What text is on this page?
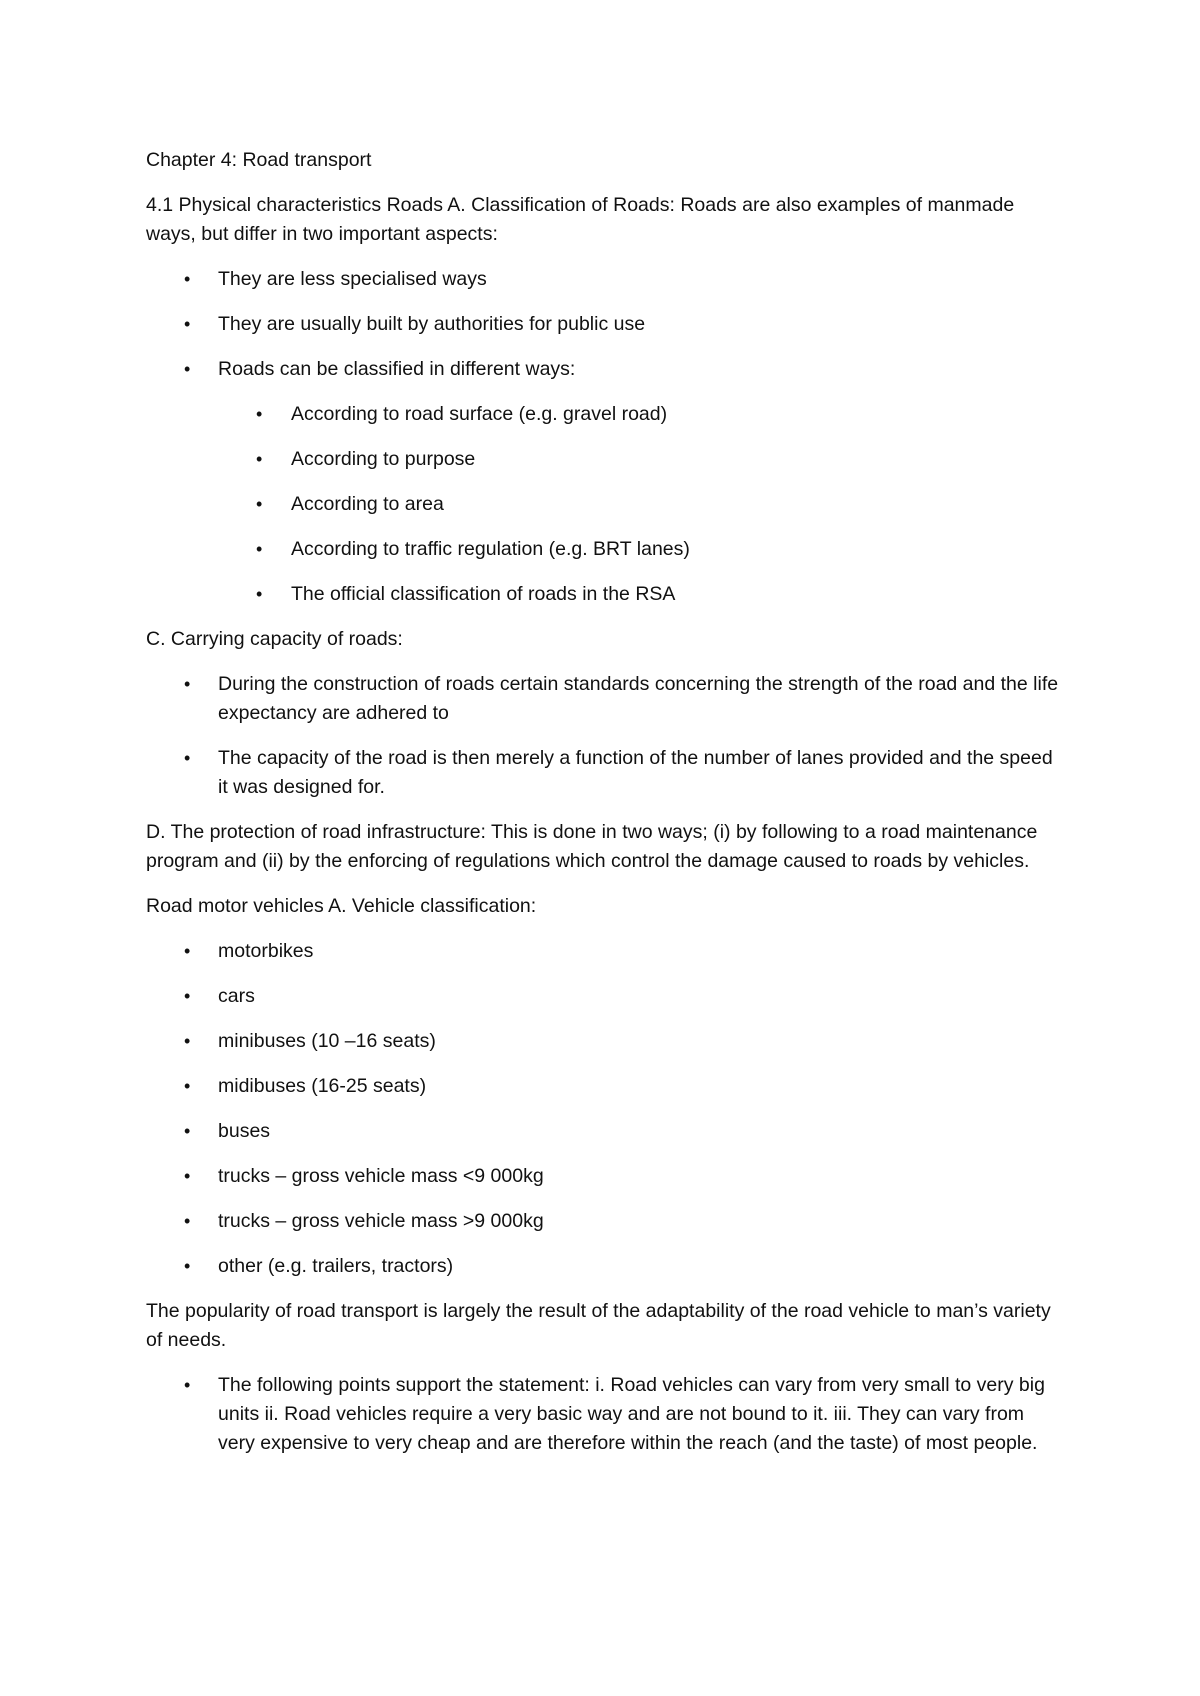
Chapter 4: Road transport

4.1 Physical characteristics Roads A. Classification of Roads: Roads are also examples of manmade ways, but differ in two important aspects:

• They are less specialised ways
• They are usually built by authorities for public use
• Roads can be classified in different ways:
• According to road surface (e.g. gravel road)
• According to purpose
• According to area
• According to traffic regulation (e.g. BRT lanes)
• The official classification of roads in the RSA

C. Carrying capacity of roads:

• During the construction of roads certain standards concerning the strength of the road and the life expectancy are adhered to
• The capacity of the road is then merely a function of the number of lanes provided and the speed it was designed for.

D. The protection of road infrastructure: This is done in two ways; (i) by following to a road maintenance program and (ii) by the enforcing of regulations which control the damage caused to roads by vehicles.

Road motor vehicles A. Vehicle classification:

• motorbikes
• cars
• minibuses (10 –16 seats)
• midibuses (16-25 seats)
• buses
• trucks – gross vehicle mass <9 000kg
• trucks – gross vehicle mass >9 000kg
• other (e.g. trailers, tractors)

The popularity of road transport is largely the result of the adaptability of the road vehicle to man’s variety of needs.

• The following points support the statement: i. Road vehicles can vary from very small to very big units ii. Road vehicles require a very basic way and are not bound to it. iii. They can vary from very expensive to very cheap and are therefore within the reach (and the taste) of most people.
